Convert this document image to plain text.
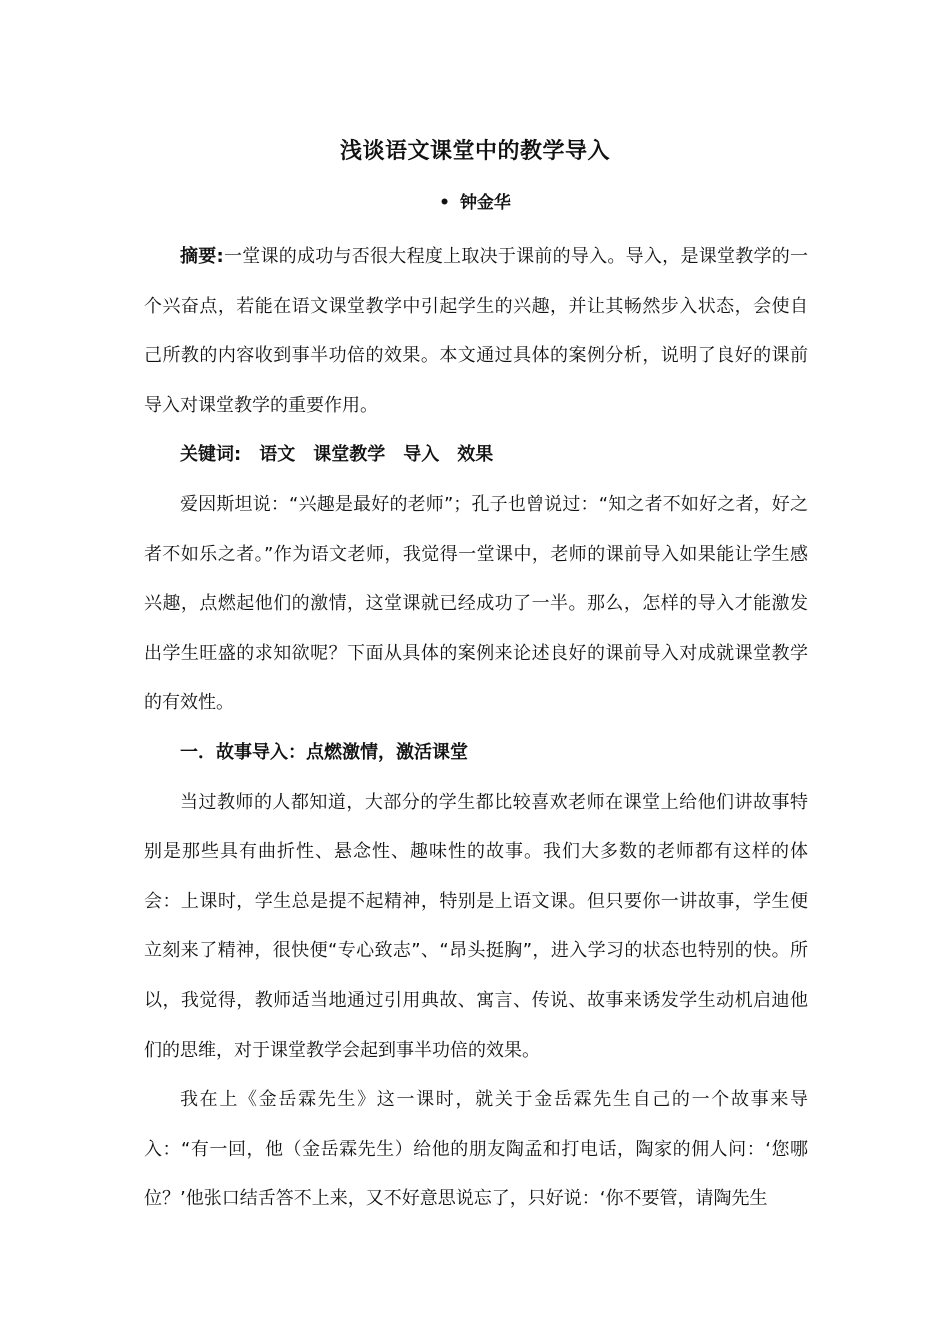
浅谈语文课堂中的教学导入
• 钟金华

摘要:一堂课的成功与否很大程度上取决于课前的导入。导入，是课堂教学的一个兴奋点，若能在语文课堂教学中引起学生的兴趣，并让其畅然步入状态，会使自己所教的内容收到事半功倍的效果。本文通过具体的案例分析，说明了良好的课前导入对课堂教学的重要作用。

关键词: 语文 课堂教学 导入 效果

爱因斯坦说：“兴趣是最好的老师”；孔子也曾说过：“知之者不如好之者，好之者不如乐之者。”作为语文老师，我觉得一堂课中，老师的课前导入如果能让学生感兴趣，点燃起他们的激情，这堂课就已经成功了一半。那么，怎样的导入才能激发出学生旺盛的求知欲呢？下面从具体的案例来论述良好的课前导入对成就课堂教学的有效性。

一．故事导入：点燃激情，激活课堂

当过教师的人都知道，大部分的学生都比较喜欢老师在课堂上给他们讲故事特别是那些具有曲折性、悬念性、趣味性的故事。我们大多数的老师都有这样的体会：上课时，学生总是提不起精神，特别是上语文课。但只要你一讲故事，学生便立刻来了精神，很快便“专心致志”、“昂头挺胸”，进入学习的状态也特别的快。所以，我觉得，教师适当地通过引用典故、寓言、传说、故事来诱发学生动机启迪他们的思维，对于课堂教学会起到事半功倍的效果。

我在上《金岳霖先生》这一课时，就关于金岳霖先生自己的一个故事来导入：“有一回，他（金岳霖先生）给他的朋友陶孟和打电话，陶家的佣人问：‘您哪位？’他张口结舌答不上来，又不好意思说忘了，只好说：‘你不要管，请陶先生
